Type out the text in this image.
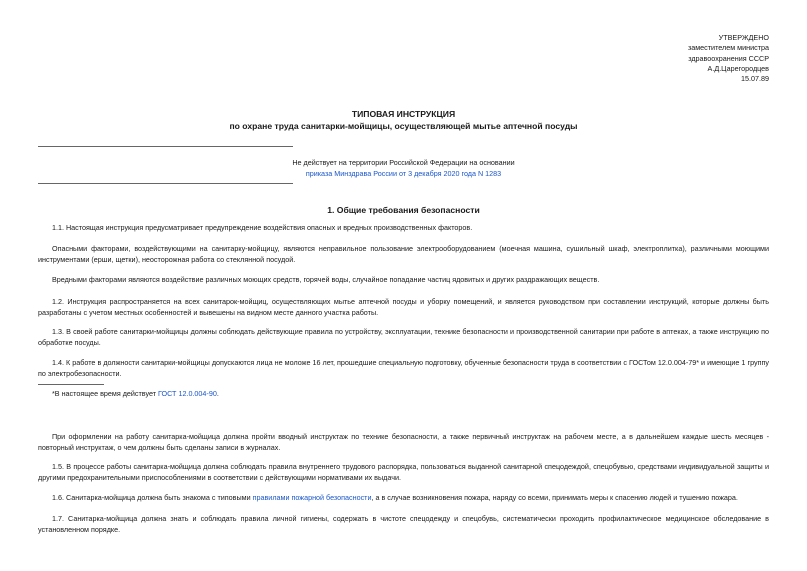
УТВЕРЖДЕНО
заместителем министра
здравоохранения СССР
А.Д.Царегородцев
15.07.89
ТИПОВАЯ ИНСТРУКЦИЯ
по охране труда санитарки-мойщицы, осуществляющей мытье аптечной посуды
Не действует на территории Российской Федерации на основании
приказа Минздрава России от 3 декабря 2020 года N 1283
1. Общие требования безопасности
1.1. Настоящая инструкция предусматривает предупреждение воздействия опасных и вредных производственных факторов.
Опасными факторами, воздействующими на санитарку-мойщицу, являются неправильное пользование электрооборудованием (моечная машина, сушильный шкаф, электроплитка), различными моющими инструментами (ерши, щетки), неосторожная работа со стеклянной посудой.
Вредными факторами являются воздействие различных моющих средств, горячей воды, случайное попадание частиц ядовитых и других раздражающих веществ.
1.2. Инструкция распространяется на всех санитарок-мойщиц, осуществляющих мытье аптечной посуды и уборку помещений, и является руководством при составлении инструкций, которые должны быть разработаны с учетом местных особенностей и вывешены на видном месте данного участка работы.
1.3. В своей работе санитарки-мойщицы должны соблюдать действующие правила по устройству, эксплуатации, технике безопасности и производственной санитарии при работе в аптеках, а также инструкцию по обработке посуды.
1.4. К работе в должности санитарки-мойщицы допускаются лица не моложе 16 лет, прошедшие специальную подготовку, обученные безопасности труда в соответствии с ГОСТом 12.0.004-79* и имеющие 1 группу по электробезопасности.
*В настоящее время действует ГОСТ 12.0.004-90.
При оформлении на работу санитарка-мойщица должна пройти вводный инструктаж по технике безопасности, а также первичный инструктаж на рабочем месте, а в дальнейшем каждые шесть месяцев - повторный инструктаж, о чем должны быть сделаны записи в журналах.
1.5. В процессе работы санитарка-мойщица должна соблюдать правила внутреннего трудового распорядка, пользоваться выданной санитарной спецодеждой, спецобувью, средствами индивидуальной защиты и другими предохранительными приспособлениями в соответствии с действующими нормативами их выдачи.
1.6. Санитарка-мойщица должна быть знакома с типовыми правилами пожарной безопасности, а в случае возникновения пожара, наряду со всеми, принимать меры к спасению людей и тушению пожара.
1.7. Санитарка-мойщица должна знать и соблюдать правила личной гигиены, содержать в чистоте спецодежду и спецобувь, систематически проходить профилактическое медицинское обследование в установленном порядке.
